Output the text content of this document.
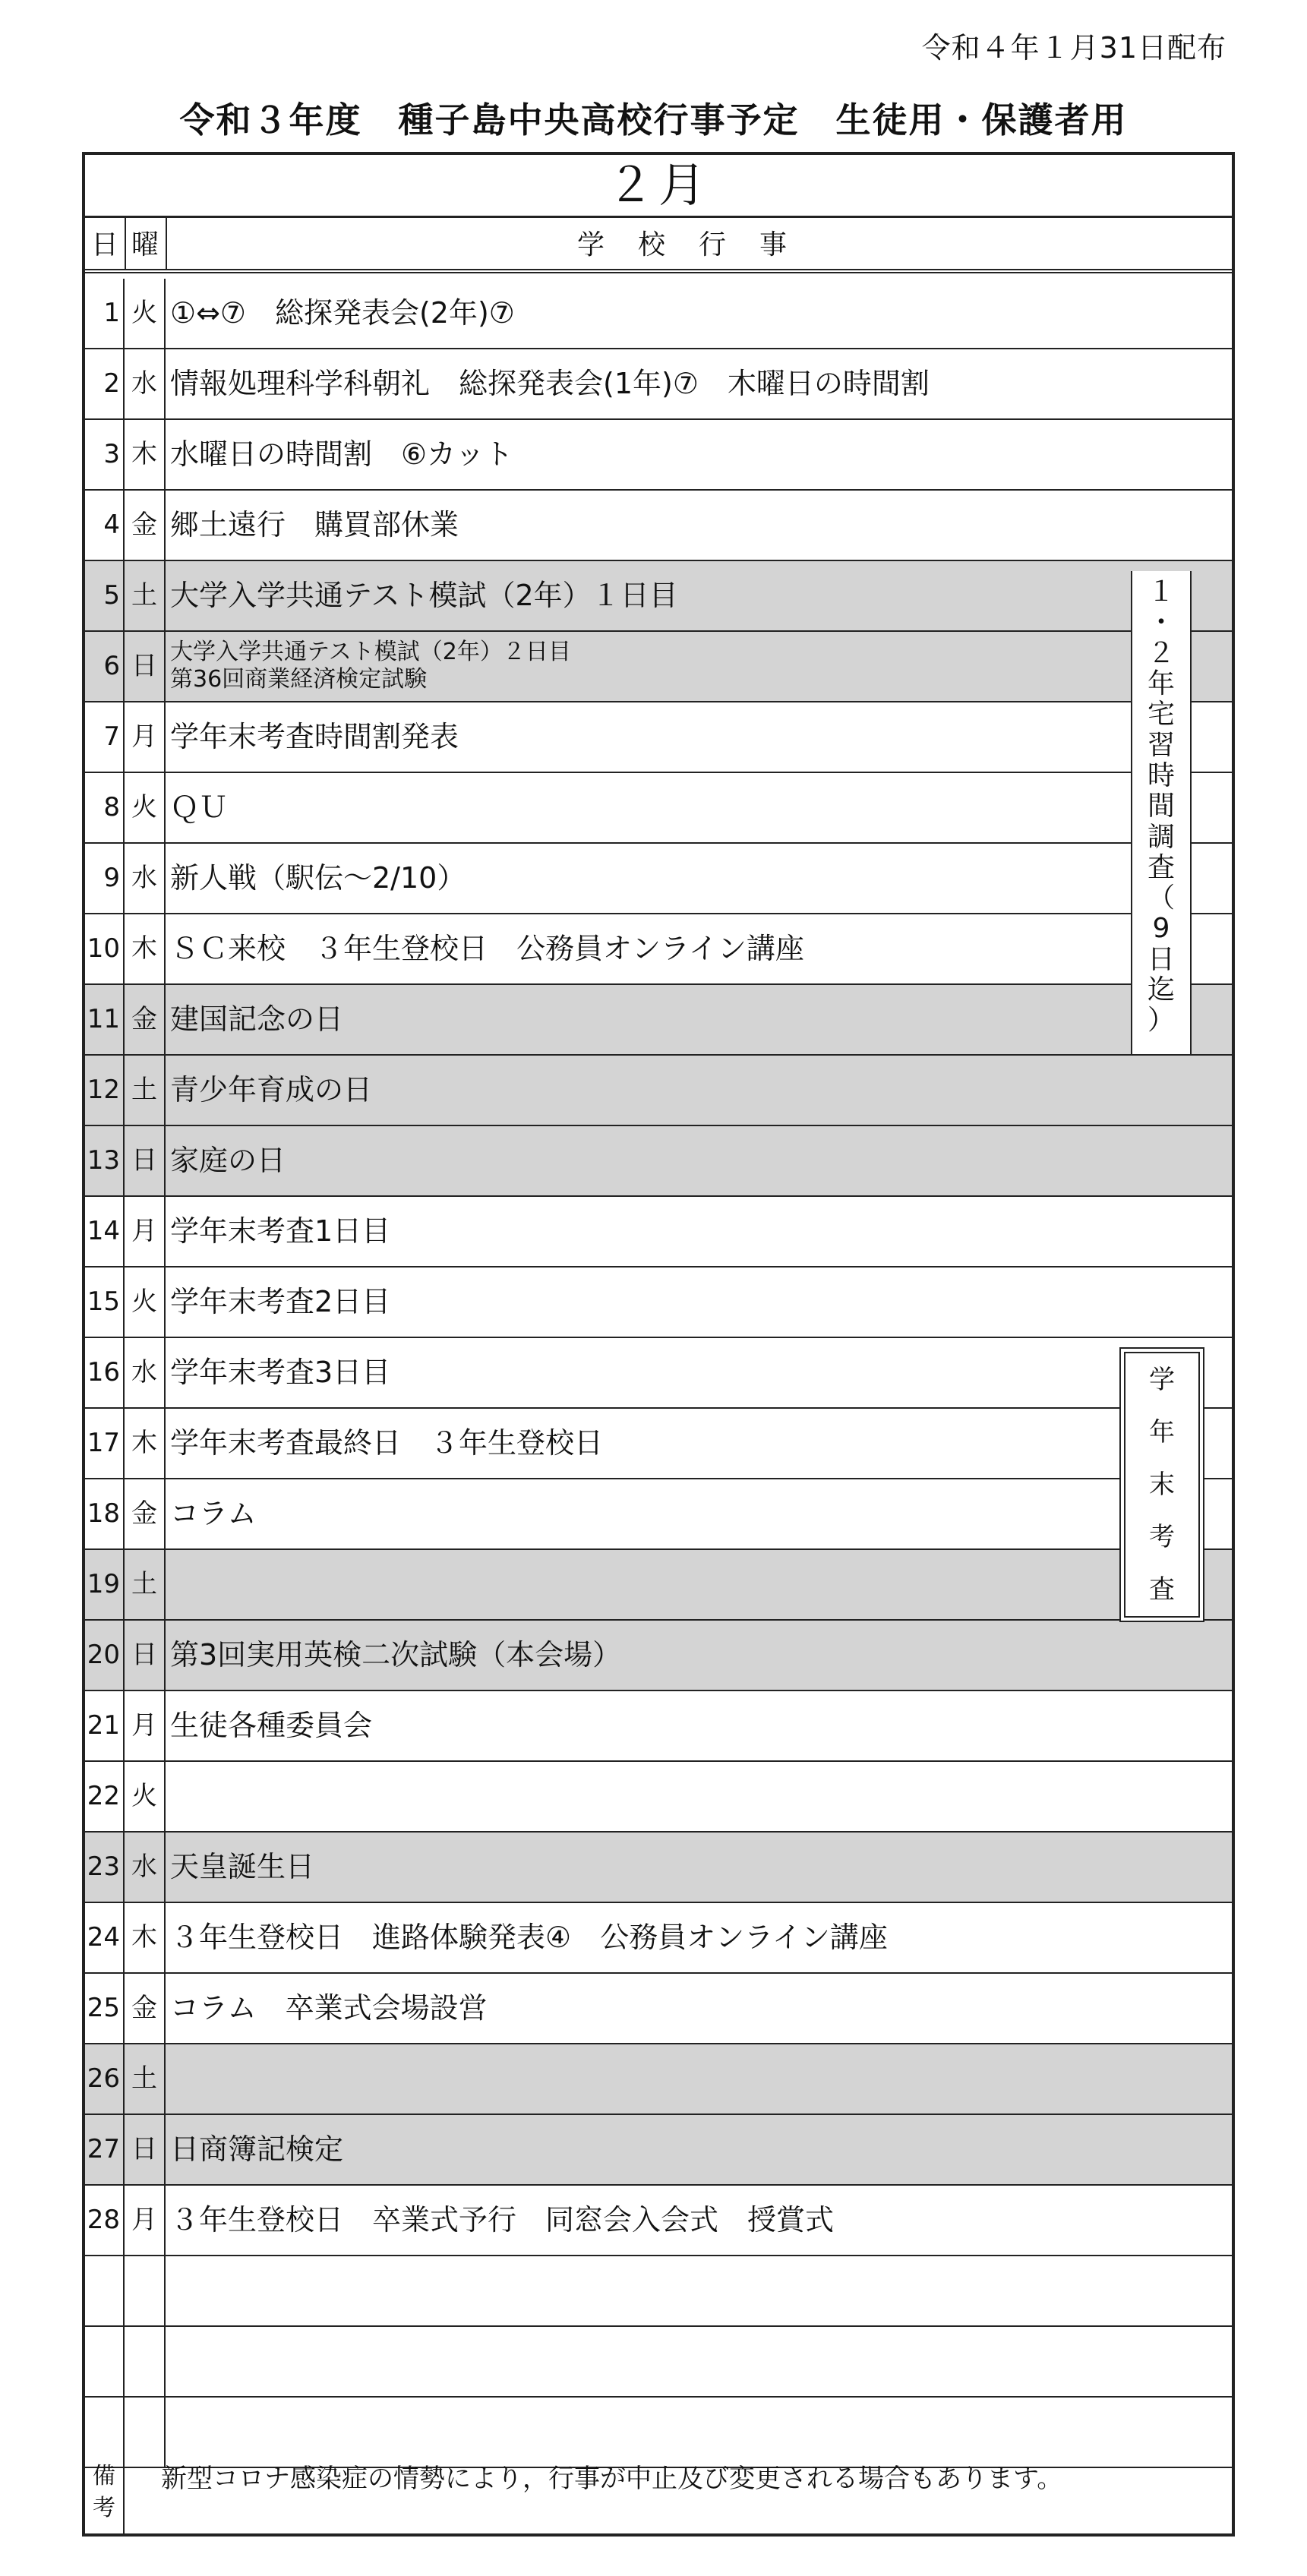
令和４年１月31日配布
令和３年度　種子島中央高校行事予定　生徒用・保護者用
２月
日 曜	学校行事
1 火 ①⇔⑦　総探発表会(2年)⑦
2 水 情報処理科学科朝礼　総探発表会(1年)⑦　木曜日の時間割
3 木 水曜日の時間割　⑥カット
4 金 郷土遠行　購買部休業
5 土 大学入学共通テスト模試（2年）１日目
6 日 大学入学共通テスト模試（2年）２日目
第36回商業経済検定試験
7 月 学年末考査時間割発表
8 火 ＱＵ
9 水 新人戦（駅伝～2/10）
10 木 ＳＣ来校　３年生登校日　公務員オンライン講座
11 金 建国記念の日
12 土 青少年育成の日
13 日 家庭の日
14 月 学年末考査1日目
15 火 学年末考査2日目
16 水 学年末考査3日目
17 木 学年末考査最終日　３年生登校日
18 金 コラム
19 土
20 日 第3回実用英検二次試験（本会場）
21 月 生徒各種委員会
22 火
23 水 天皇誕生日
24 木 ３年生登校日　進路体験発表④　公務員オンライン講座
25 金 コラム　卒業式会場設営
26 土
27 日 日商簿記検定
28 月 ３年生登校日　卒業式予行　同窓会入会式　授賞式
備
考
新型コロナ感染症の情勢により，行事が中止及び変更される場合もあります。
１
・
２
年
宅
習
時
間
調
査
（
9
日
迄
）
学
年
末
考
査
